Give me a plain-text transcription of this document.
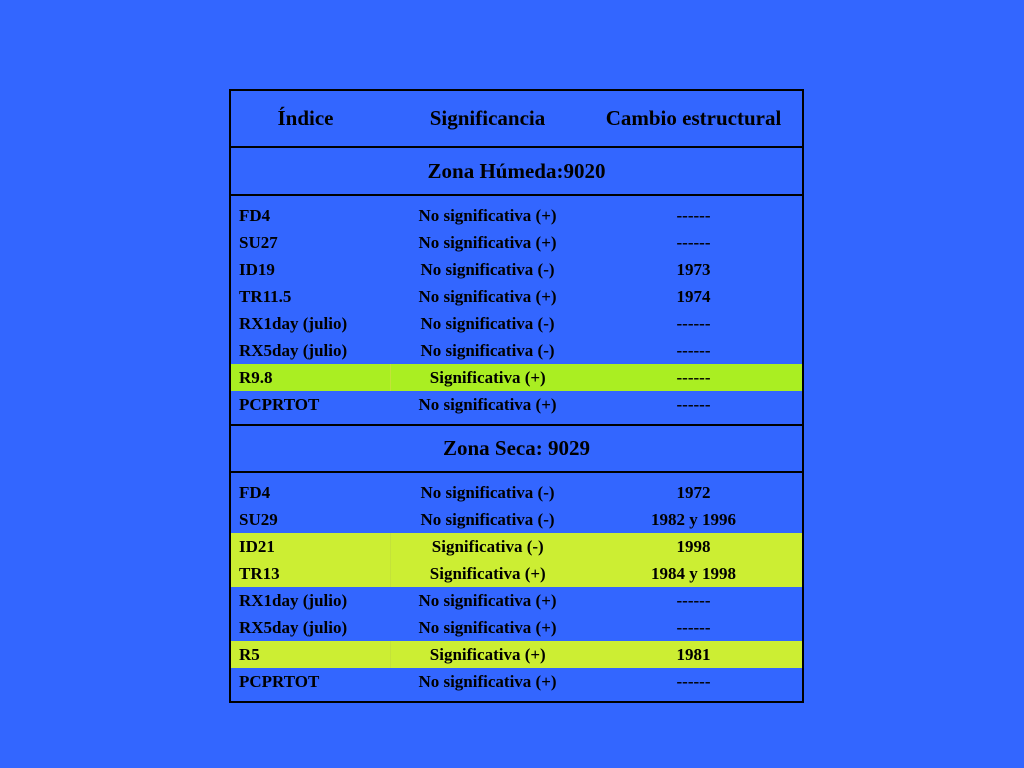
Índice	Significancia	Cambio estructural
Zona Húmeda:9020		

FD4	No significativa (+)	------
SU27	No significativa (+)	------
ID19	No significativa (-)	1973
TR11.5	No significativa (+)	1974
RX1day (julio)	No significativa (-)	------
RX5day (julio)	No significativa (-)	------
R9.8	Significativa (+)	------
PCPRTOT	No significativa (+)	------

Zona Seca: 9029		

FD4	No significativa (-)	1972
SU29	No significativa (-)	1982 y 1996
ID21	Significativa (-)	1998
TR13	Significativa (+)	1984 y 1998
RX1day (julio)	No significativa (+)	------
RX5day (julio)	No significativa (+)	------
R5	Significativa (+)	1981
PCPRTOT	No significativa (+)	------
